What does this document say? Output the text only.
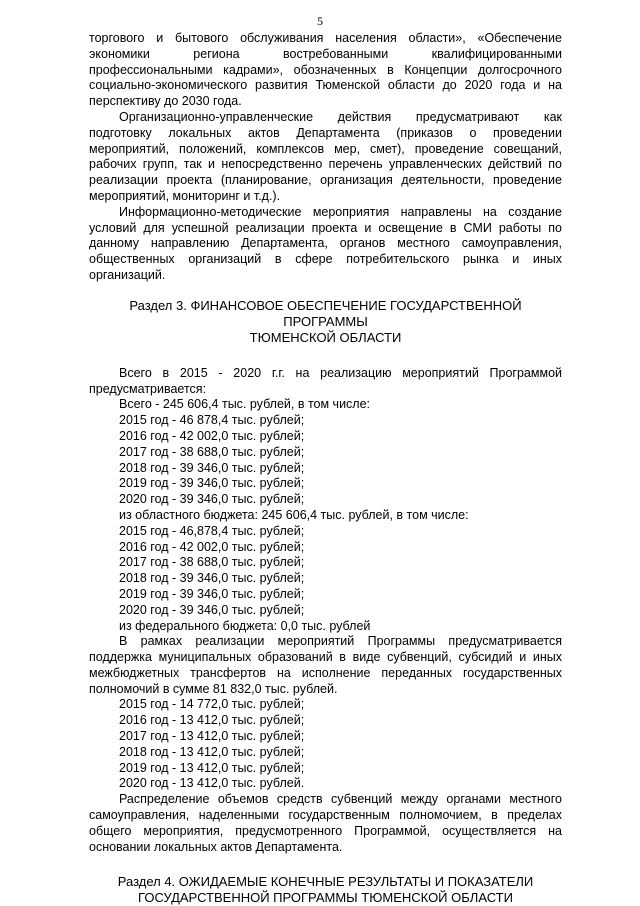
5

торгового и бытового обслуживания населения области», «Обеспечение экономики региона востребованными квалифицированными профессиональными кадрами», обозначенных в Концепции долгосрочного социально-экономического развития Тюменской области до 2020 года и на перспективу до 2030 года.

Организационно-управленческие действия предусматривают как подготовку локальных актов Департамента (приказов о проведении мероприятий, положений, комплексов мер, смет), проведение совещаний, рабочих групп, так и непосредственно перечень управленческих действий по реализации проекта (планирование, организация деятельности, проведение мероприятий, мониторинг и т.д.).

Информационно-методические мероприятия направлены на создание условий для успешной реализации проекта и освещение в СМИ работы по данному направлению Департамента, органов местного самоуправления, общественных организаций в сфере потребительского рынка и иных организаций.

Раздел 3. ФИНАНСОВОЕ ОБЕСПЕЧЕНИЕ ГОСУДАРСТВЕННОЙ ПРОГРАММЫ
ТЮМЕНСКОЙ ОБЛАСТИ

Всего в 2015 - 2020 г.г. на реализацию мероприятий Программой предусматривается:

Всего - 245 606,4 тыс. рублей, в том числе:
2015 год - 46 878,4 тыс. рублей;
2016 год - 42 002,0 тыс. рублей;
2017 год - 38 688,0 тыс. рублей;
2018 год - 39 346,0 тыс. рублей;
2019 год - 39 346,0 тыс. рублей;
2020 год - 39 346,0 тыс. рублей;
из областного бюджета: 245 606,4 тыс. рублей, в том числе:
2015 год - 46,878,4 тыс. рублей;
2016 год - 42 002,0 тыс. рублей;
2017 год - 38 688,0 тыс. рублей;
2018 год - 39 346,0 тыс. рублей;
2019 год - 39 346,0 тыс. рублей;
2020 год - 39 346,0 тыс. рублей;
из федерального бюджета: 0,0 тыс. рублей

В рамках реализации мероприятий Программы предусматривается поддержка муниципальных образований в виде субвенций, субсидий и иных межбюджетных трансфертов на исполнение переданных государственных полномочий в сумме 81 832,0 тыс. рублей.

2015 год - 14 772,0 тыс. рублей;
2016 год - 13 412,0 тыс. рублей;
2017 год - 13 412,0 тыс. рублей;
2018 год - 13 412,0 тыс. рублей;
2019 год - 13 412,0 тыс. рублей;
2020 год - 13 412,0 тыс. рублей.

Распределение объемов средств субвенций между органами местного самоуправления, наделенными государственным полномочием, в пределах общего мероприятия, предусмотренного Программой, осуществляется на основании локальных актов Департамента.

Раздел 4. ОЖИДАЕМЫЕ КОНЕЧНЫЕ РЕЗУЛЬТАТЫ И ПОКАЗАТЕЛИ
ГОСУДАРСТВЕННОЙ ПРОГРАММЫ ТЮМЕНСКОЙ ОБЛАСТИ
